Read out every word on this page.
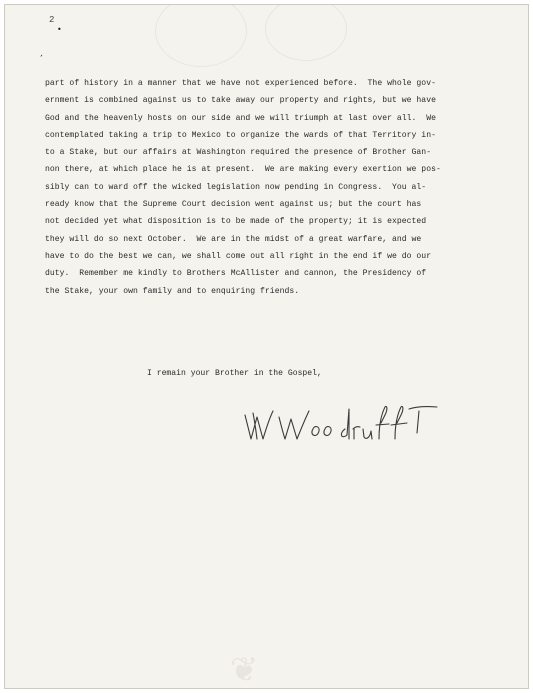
2
•
,
part of history in a manner that we have not experienced before.  The whole gov-
ernment is combined against us to take away our property and rights, but we have
God and the heavenly hosts on our side and we will triumph at last over all.  We
contemplated taking a trip to Mexico to organize the wards of that Territory in-
to a Stake, but our affairs at Washington required the presence of Brother Gan-
non there, at which place he is at present.  We are making every exertion we pos-
sibly can to ward off the wicked legislation now pending in Congress.  You al-
ready know that the Supreme Court decision went against us; but the court has
not decided yet what disposition is to be made of the property; it is expected
they will do so next October.  We are in the midst of a great warfare, and we
have to do the best we can, we shall come out all right in the end if we do our
duty.  Remember me kindly to Brothers McAllister and cannon, the Presidency of
the Stake, your own family and to enquiring friends.
I remain your Brother in the Gospel,
❦
